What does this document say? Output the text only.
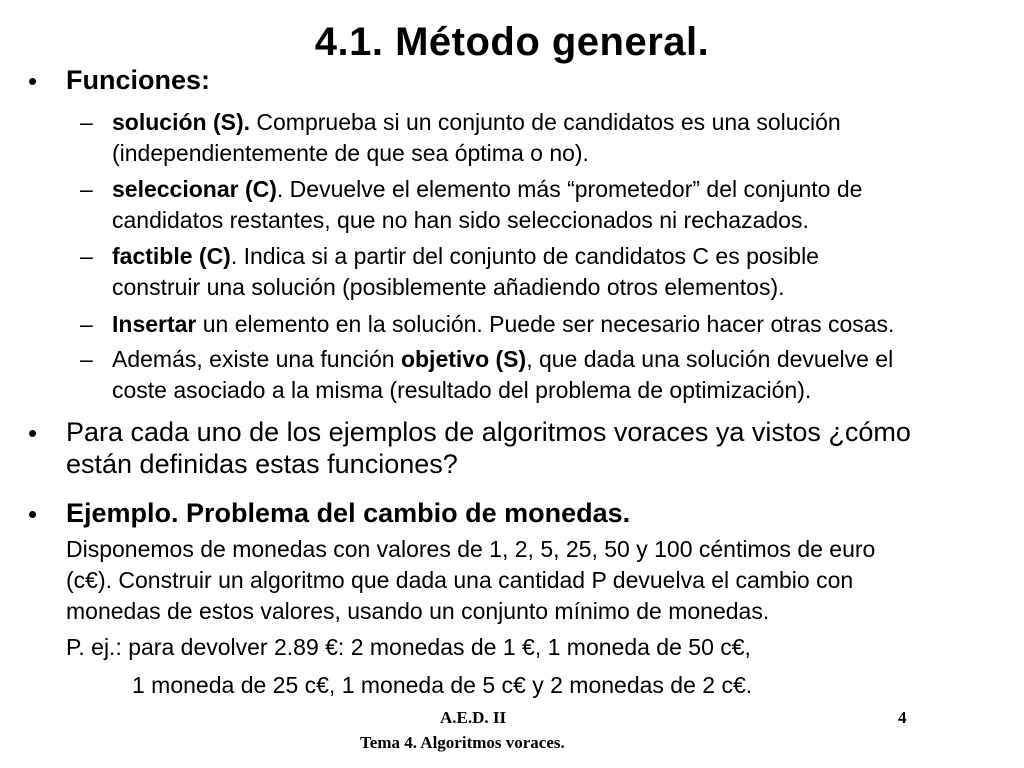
4.1. Método general.
• Funciones:
– solución (S). Comprueba si un conjunto de candidatos es una solución
(independientemente de que sea óptima o no).
– seleccionar (C). Devuelve el elemento más “prometedor” del conjunto de
candidatos restantes, que no han sido seleccionados ni rechazados.
– factible (C). Indica si a partir del conjunto de candidatos C es posible
construir una solución (posiblemente añadiendo otros elementos).
– Insertar un elemento en la solución. Puede ser necesario hacer otras cosas.
– Además, existe una función objetivo (S), que dada una solución devuelve el
coste asociado a la misma (resultado del problema de optimización).
• Para cada uno de los ejemplos de algoritmos voraces ya vistos ¿cómo
están definidas estas funciones?
• Ejemplo. Problema del cambio de monedas.
Disponemos de monedas con valores de 1, 2, 5, 25, 50 y 100 céntimos de euro
(c€). Construir un algoritmo que dada una cantidad P devuelva el cambio con
monedas de estos valores, usando un conjunto mínimo de monedas.
P. ej.: para devolver 2.89 €: 2 monedas de 1 €, 1 moneda de 50 c€,
1 moneda de 25 c€, 1 moneda de 5 c€ y 2 monedas de 2 c€.
A.E.D. II	4
Tema 4. Algoritmos voraces.
